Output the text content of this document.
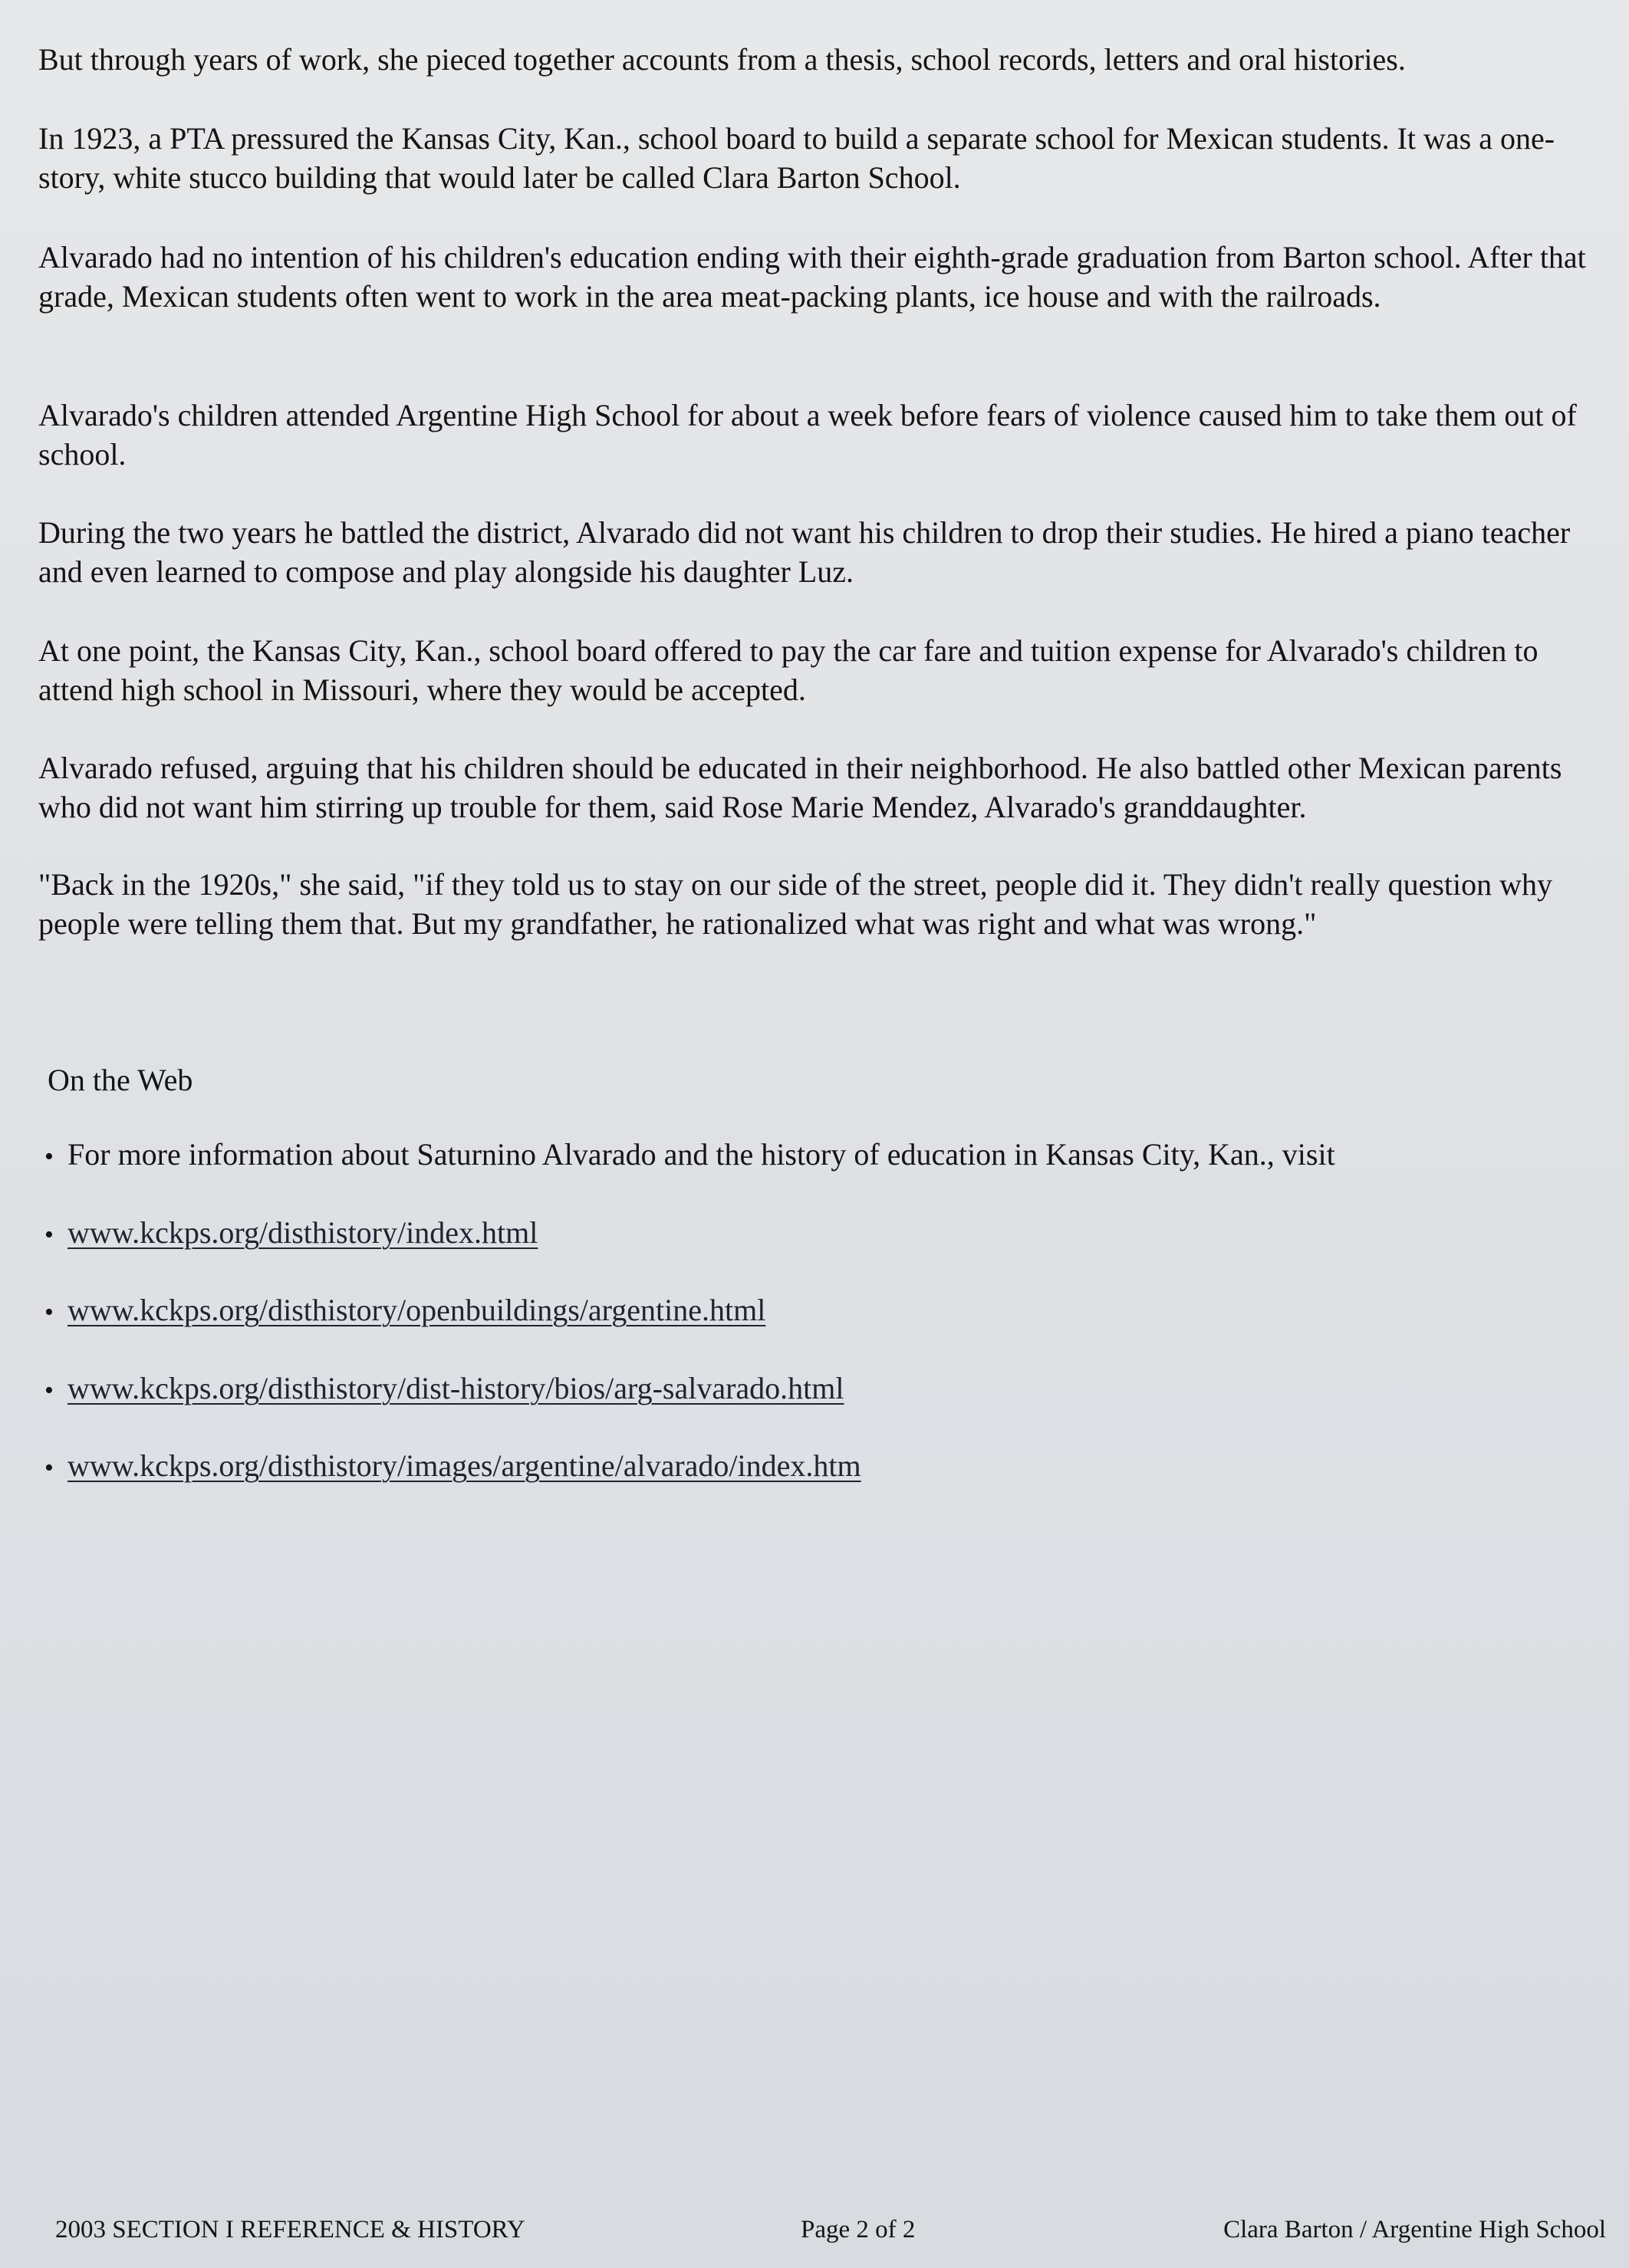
But through years of work, she pieced together accounts from a thesis, school records, letters and oral histories.

In 1923, a PTA pressured the Kansas City, Kan., school board to build a separate school for Mexican students. It was a one-story, white stucco building that would later be called Clara Barton School.

Alvarado had no intention of his children's education ending with their eighth-grade graduation from Barton school. After that grade, Mexican students often went to work in the area meat-packing plants, ice house and with the railroads.

Alvarado's children attended Argentine High School for about a week before fears of violence caused him to take them out of school.

During the two years he battled the district, Alvarado did not want his children to drop their studies. He hired a piano teacher and even learned to compose and play alongside his daughter Luz.

At one point, the Kansas City, Kan., school board offered to pay the car fare and tuition expense for Alvarado's children to attend high school in Missouri, where they would be accepted.

Alvarado refused, arguing that his children should be educated in their neighborhood. He also battled other Mexican parents who did not want him stirring up trouble for them, said Rose Marie Mendez, Alvarado's granddaughter.

"Back in the 1920s," she said, "if they told us to stay on our side of the street, people did it. They didn't really question why people were telling them that. But my grandfather, he rationalized what was right and what was wrong."

On the Web

• For more information about Saturnino Alvarado and the history of education in Kansas City, Kan., visit
• www.kckps.org/disthistory/index.html
• www.kckps.org/disthistory/openbuildings/argentine.html
• www.kckps.org/disthistory/dist-history/bios/arg-salvarado.html
• www.kckps.org/disthistory/images/argentine/alvarado/index.htm

2003 SECTION I REFERENCE & HISTORY	Page 2 of 2	Clara Barton / Argentine High School
